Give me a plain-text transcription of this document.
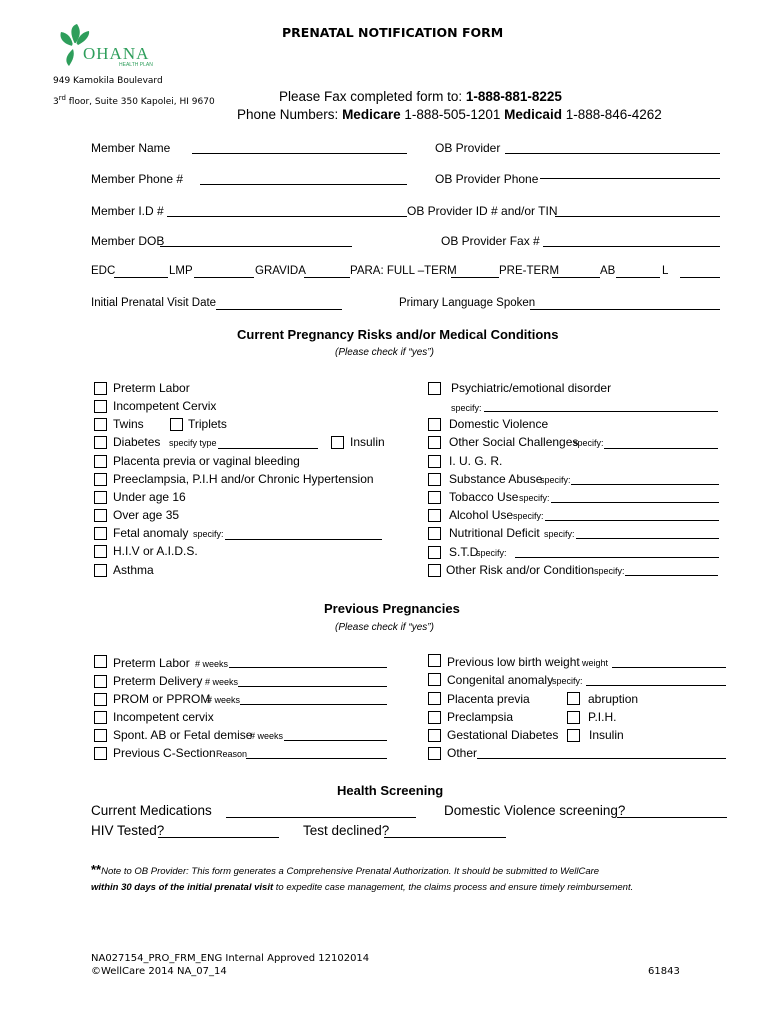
OHANA
HEALTH PLAN
PRENATAL NOTIFICATION FORM
949 Kamokila Boulevard
3rd floor, Suite 350 Kapolei, HI 9670	Please Fax completed form to: 1-888-881-8225
Phone Numbers: Medicare 1-888-505-1201 Medicaid 1-888-846-4262
Member Name	OB Provider
Member Phone #	OB Provider Phone
Member I.D #	OB Provider ID # and/or TIN
Member DOB	OB Provider Fax #
EDC	LMP	GRAVIDA	PARA: FULL –TERM	PRE-TERM	AB	L
Initial Prenatal Visit Date	Primary Language Spoken
Current Pregnancy Risks and/or Medical Conditions
(Please check if “yes”)
Preterm Labor
Incompetent Cervix
Twins	Triplets
Diabetes specify type	Insulin
Placenta previa or vaginal bleeding
Preeclampsia, P.I.H and/or Chronic Hypertension
Under age 16
Over age 35
Fetal anomaly specify:
H.I.V or A.I.D.S.
Asthma
Psychiatric/emotional disorder
specify:
Domestic Violence
Other Social Challenges
specify:
I. U. G. R.
Substance Abuse
specify:
Tobacco Use specify:
Alcohol Use specify:
Nutritional Deficit specify:
S.T.D
specify:
Other Risk and/or Condition specify:
Previous Pregnancies
(Please check if “yes”)
Preterm Labor # weeks
Preterm Delivery # weeks
PROM or PPROM
# weeks
Incompetent cervix
Spont. AB or Fetal demise
# weeks
Previous C-Section Reason
Previous low birth weight weight
Congenital anomaly
specify:
Placenta previa	abruption
Preclampsia	P.I.H.
Gestational Diabetes	Insulin
Other
Health Screening
Current Medications	Domestic Violence screening?
HIV Tested?	Test declined?
**Note to OB Provider: This form generates a Comprehensive Prenatal Authorization. It should be submitted to WellCare
within 30 days of the initial prenatal visit to expedite case management, the claims process and ensure timely reimbursement.
NA027154_PRO_FRM_ENG Internal Approved 12102014
©WellCare 2014 NA_07_14	61843
